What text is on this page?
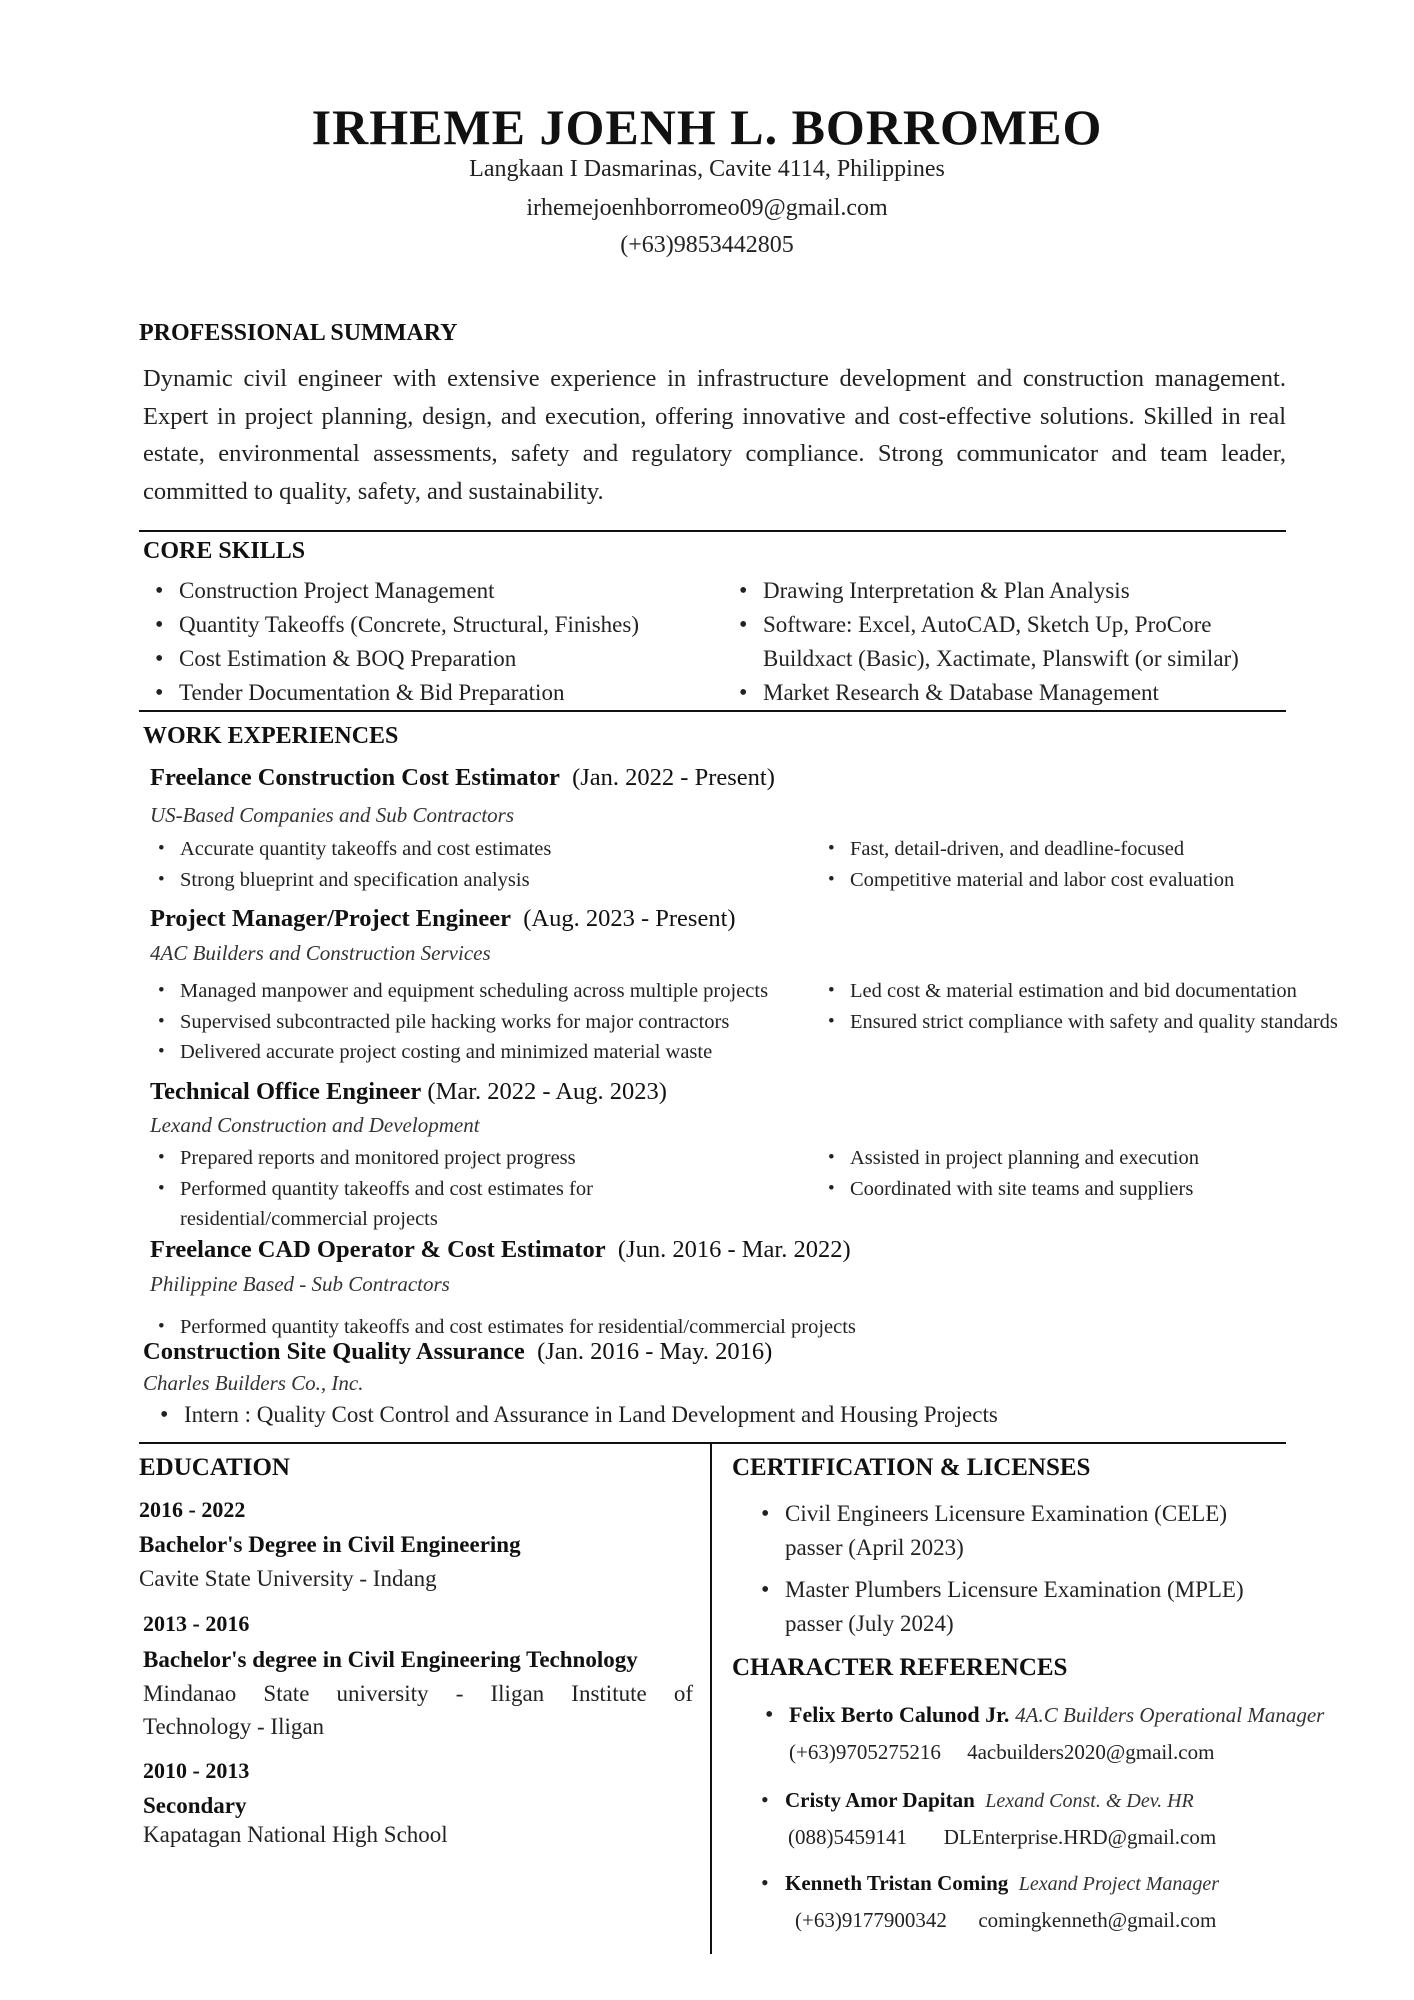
IRHEME JOENH L. BORROMEO
Langkaan I Dasmarinas, Cavite 4114, Philippines
irhemejoenhborromeo09@gmail.com
(+63)9853442805
PROFESSIONAL SUMMARY
Dynamic civil engineer with extensive experience in infrastructure development and construction management. Expert in project planning, design, and execution, offering innovative and cost-effective solutions. Skilled in real estate, environmental assessments, safety and regulatory compliance. Strong communicator and team leader, committed to quality, safety, and sustainability.
CORE SKILLS
• Construction Project Management
• Quantity Takeoffs (Concrete, Structural, Finishes)
• Cost Estimation & BOQ Preparation
• Tender Documentation & Bid Preparation
• Drawing Interpretation & Plan Analysis
• Software: Excel, AutoCAD, Sketch Up, ProCore
Buildxact (Basic), Xactimate, Planswift (or similar)
• Market Research & Database Management
WORK EXPERIENCES
Freelance Construction Cost Estimator (Jan. 2022 - Present)
US-Based Companies and Sub Contractors
• Accurate quantity takeoffs and cost estimates
• Strong blueprint and specification analysis
• Fast, detail-driven, and deadline-focused
• Competitive material and labor cost evaluation
Project Manager/Project Engineer (Aug. 2023 - Present)
4AC Builders and Construction Services
• Managed manpower and equipment scheduling across multiple projects
• Supervised subcontracted pile hacking works for major contractors
• Delivered accurate project costing and minimized material waste
• Led cost & material estimation and bid documentation
• Ensured strict compliance with safety and quality standards
Technical Office Engineer (Mar. 2022 - Aug. 2023)
Lexand Construction and Development
• Prepared reports and monitored project progress
• Performed quantity takeoffs and cost estimates for
residential/commercial projects
• Assisted in project planning and execution
• Coordinated with site teams and suppliers
Freelance CAD Operator & Cost Estimator (Jun. 2016 - Mar. 2022)
Philippine Based - Sub Contractors
• Performed quantity takeoffs and cost estimates for residential/commercial projects
Construction Site Quality Assurance (Jan. 2016 - May. 2016)
Charles Builders Co., Inc.
• Intern : Quality Cost Control and Assurance in Land Development and Housing Projects
EDUCATION
2016 - 2022
Bachelor's Degree in Civil Engineering
Cavite State University - Indang
2013 - 2016
Bachelor's degree in Civil Engineering Technology
Mindanao State university - Iligan Institute of
Technology - Iligan
2010 - 2013
Secondary
Kapatagan National High School
CERTIFICATION & LICENSES
• Civil Engineers Licensure Examination (CELE)
passer (April 2023)
• Master Plumbers Licensure Examination (MPLE)
passer (July 2024)
CHARACTER REFERENCES
• Felix Berto Calunod Jr. 4A.C Builders Operational Manager
(+63)9705275216 4acbuilders2020@gmail.com
• Cristy Amor Dapitan Lexand Const. & Dev. HR
(088)5459141 DLEnterprise.HRD@gmail.com
• Kenneth Tristan Coming Lexand Project Manager
(+63)9177900342 comingkenneth@gmail.com
